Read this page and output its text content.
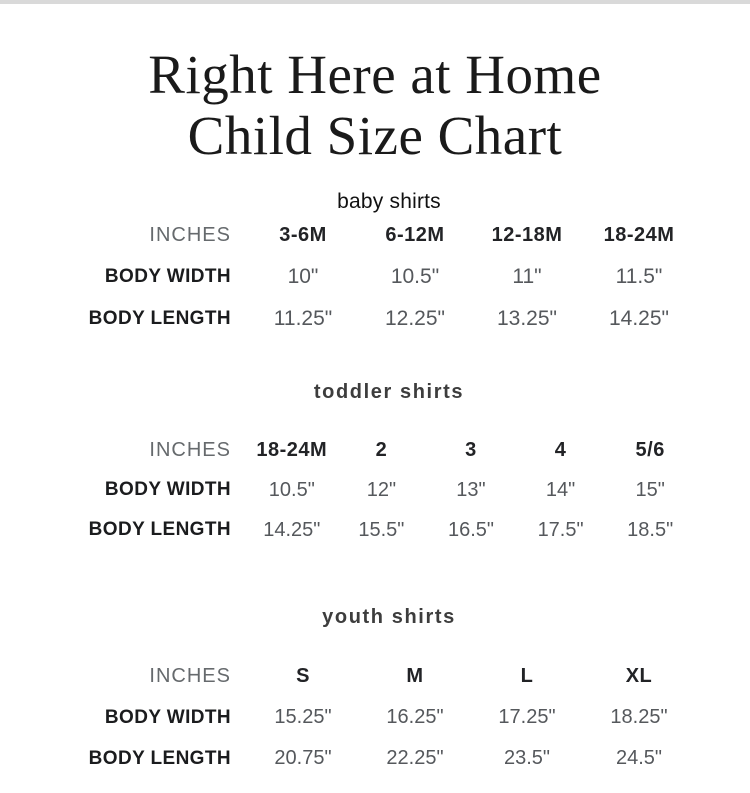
Right Here at Home
Child Size Chart
baby shirts
INCHES	3-6M	6-12M	12-18M	18-24M
BODY WIDTH	10"	10.5"	11"	11.5"
BODY LENGTH	11.25"	12.25"	13.25"	14.25"
toddler shirts
INCHES	18-24M	2	3	4	5/6
BODY WIDTH	10.5"	12"	13"	14"	15"
BODY LENGTH	14.25"	15.5"	16.5"	17.5"	18.5"
youth shirts
INCHES	S	M	L	XL
BODY WIDTH	15.25"	16.25"	17.25"	18.25"
BODY LENGTH	20.75"	22.25"	23.5"	24.5"
